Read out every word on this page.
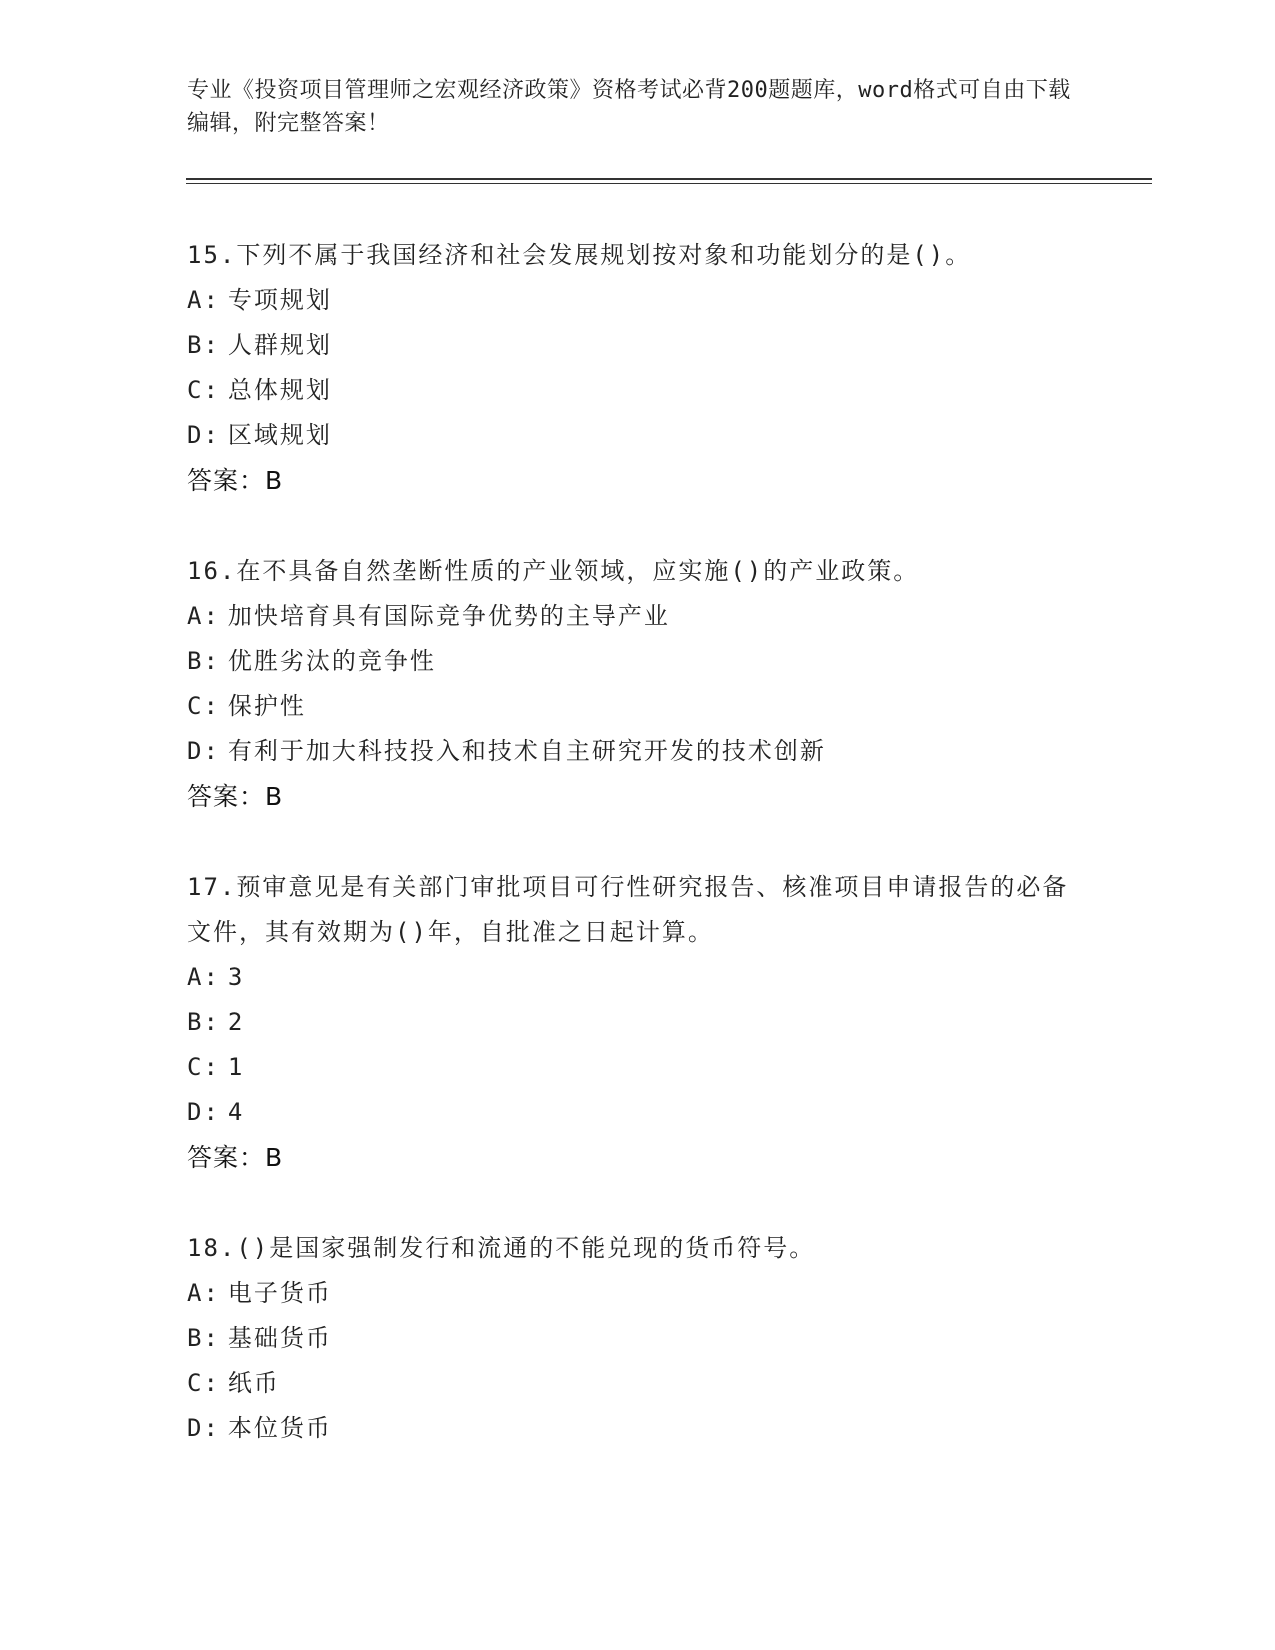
专业《投资项目管理师之宏观经济政策》资格考试必背200题题库，word格式可自由下载编辑，附完整答案！

15.下列不属于我国经济和社会发展规划按对象和功能划分的是()。

A: 专项规划

B: 人群规划

C: 总体规划

D: 区域规划

答案：B

16.在不具备自然垄断性质的产业领域，应实施()的产业政策。

A: 加快培育具有国际竞争优势的主导产业

B: 优胜劣汰的竞争性

C: 保护性

D: 有利于加大科技投入和技术自主研究开发的技术创新

答案：B

17.预审意见是有关部门审批项目可行性研究报告、核准项目申请报告的必备文件，其有效期为()年，自批准之日起计算。

A: 3

B: 2

C: 1

D: 4

答案：B

18.()是国家强制发行和流通的不能兑现的货币符号。

A: 电子货币

B: 基础货币

C: 纸币

D: 本位货币
